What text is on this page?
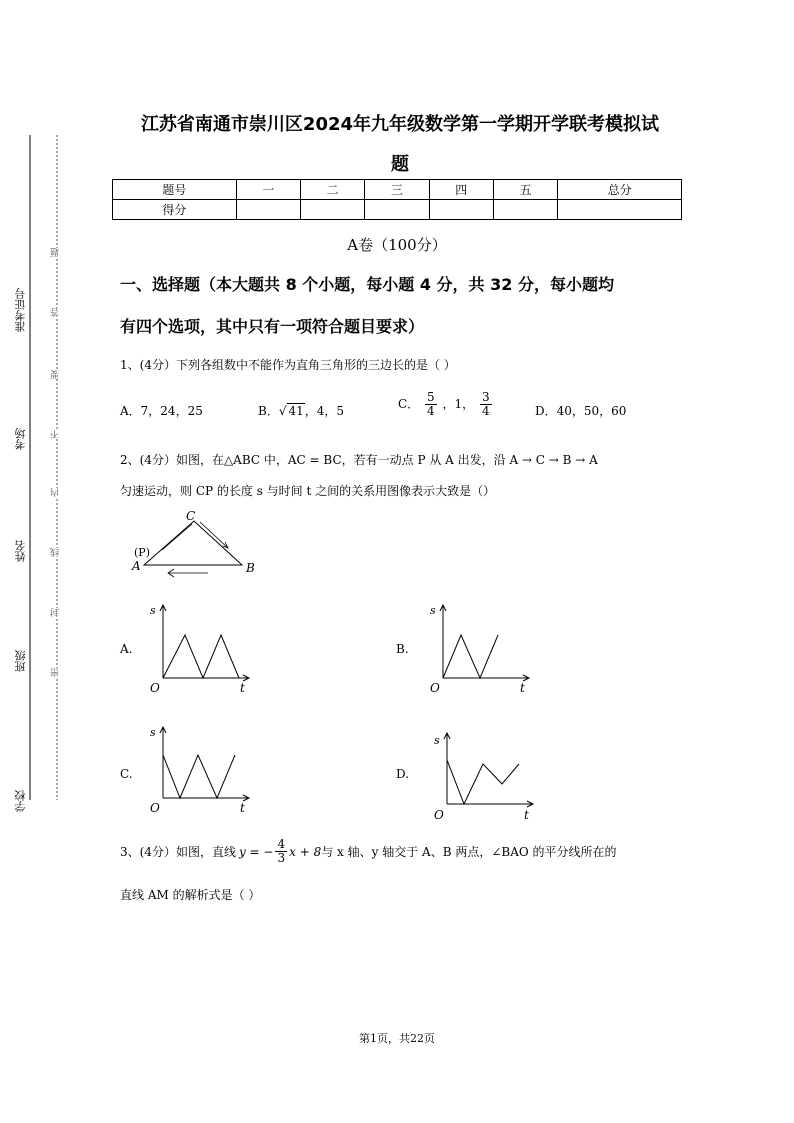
准考证号
考场
姓名
班级
学校
题
答
要
不
内
线
封
密
江苏省南通市崇川区2024年九年级数学第一学期开学联考模拟试
题
题号	一	二	三	四	五	总分
得分						
A卷（100分）
一、选择题（本大题共 8 个小题，每小题 4 分，共 32 分，每小题均
有四个选项，其中只有一项符合题目要求）
1、(4分）下列各组数中不能作为直角三角形的三边长的是（ ）
A．7，24，25	B．√ 41，4，5	C． $\frac{5}{4}$ ，1， $\frac{3}{4}$	D．40，50，60
2、(4分）如图，在△ABC 中，AC = BC，若有一动点 P 从 A 出发，沿 A → C → B → A
匀速运动，则 CP 的长度 s 与时间 t 之间的关系用图像表示大致是（）
C
A	B
(P)
A.	B.
C.	D.
s
O	t
s
O	t
s
O	t
s
O	t
3、(4分）如图，直线 y = − $\frac{4}{3}$ x + 8 与 x 轴、y 轴交于 A、B 两点，∠BAO 的平分线所在的
直线 AM 的解析式是（ ）
第1页，共22页
